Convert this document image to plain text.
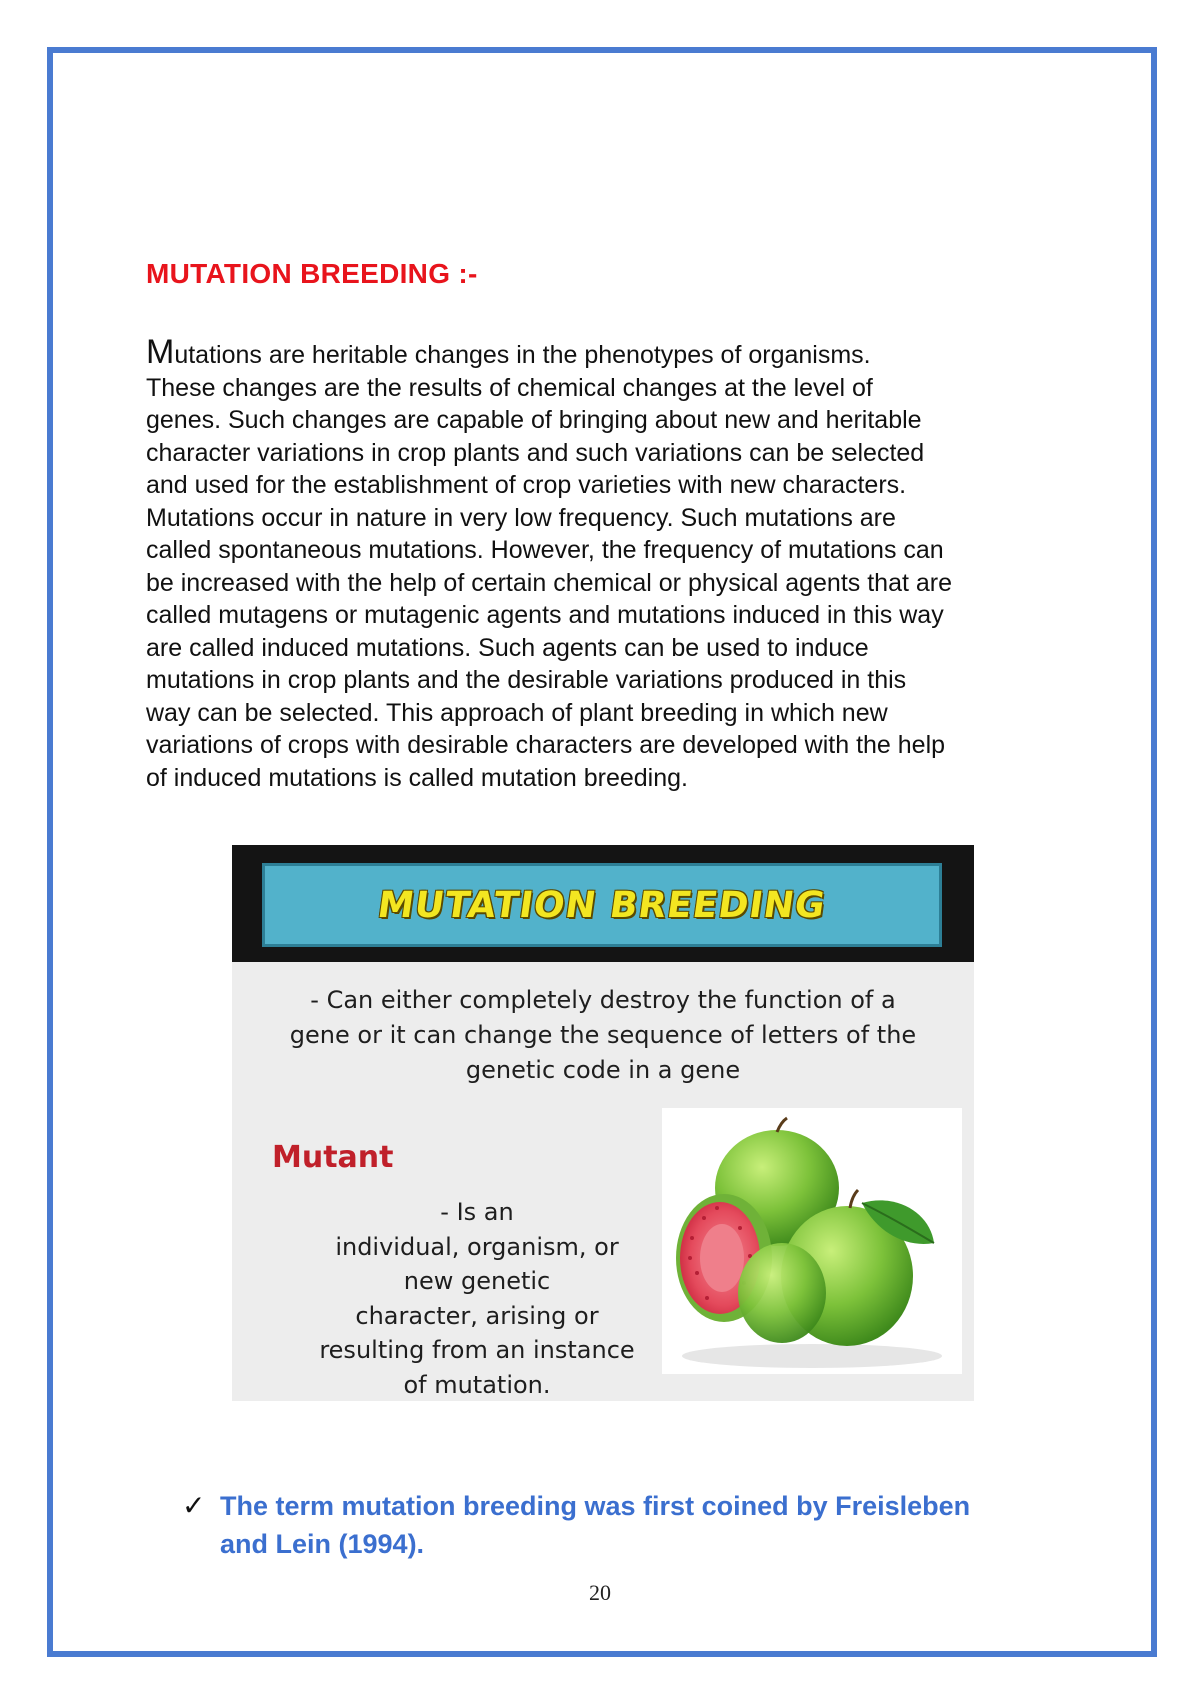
MUTATION BREEDING :-
Mutations are heritable changes in the phenotypes of organisms.
These changes are the results of chemical changes at the level of
genes. Such changes are capable of bringing about new and heritable
character variations in crop plants and such variations can be selected
and used for the establishment of crop varieties with new characters.
Mutations occur in nature in very low frequency. Such mutations are
called spontaneous mutations. However, the frequency of mutations can
be increased with the help of certain chemical or physical agents that are
called mutagens or mutagenic agents and mutations induced in this way
are called induced mutations. Such agents can be used to induce
mutations in crop plants and the desirable variations produced in this
way can be selected. This approach of plant breeding in which new
variations of crops with desirable characters are developed with the help
of induced mutations is called mutation breeding.
MUTATION BREEDING
- Can either completely destroy the function of a
gene or it can change the sequence of letters of the
genetic code in a gene
Mutant
- Is an
individual, organism, or
new genetic
character, arising or
resulting from an instance
of mutation.
✓ The term mutation breeding was first coined by Freisleben
and Lein (1994).
20
